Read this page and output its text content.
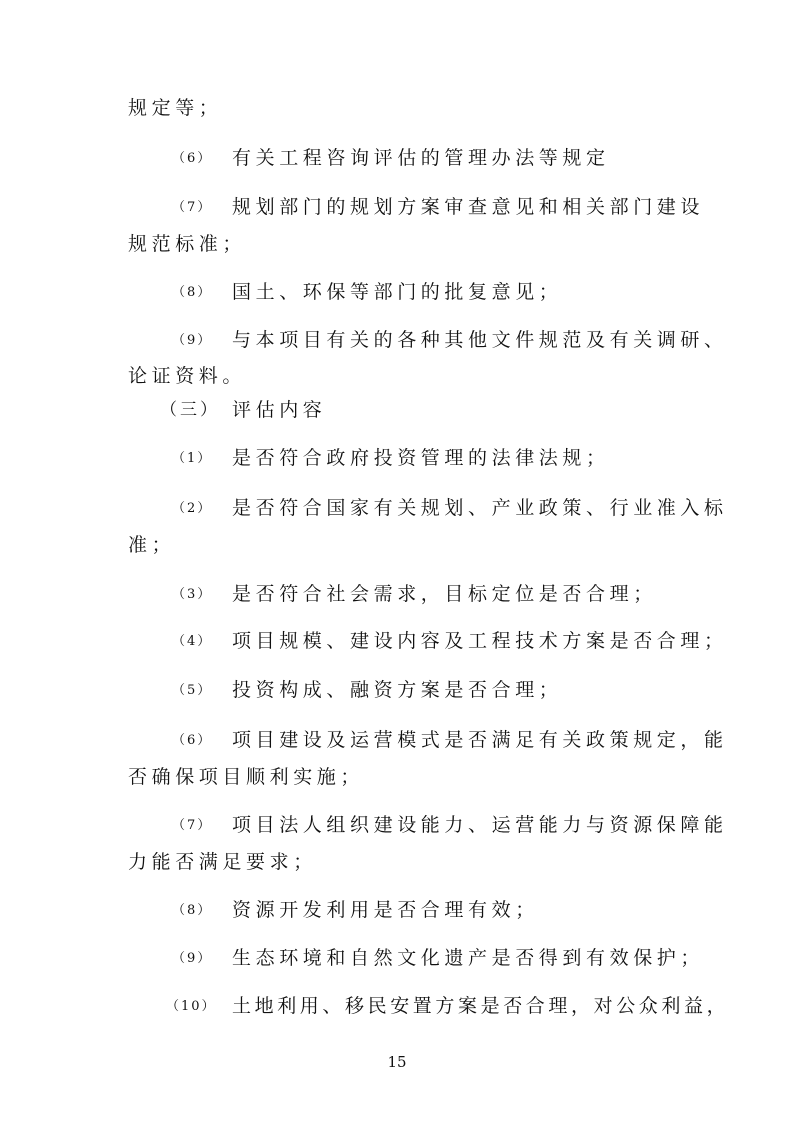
规定等；
（6） 有关工程咨询评估的管理办法等规定
（7） 规划部门的规划方案审查意见和相关部门建设
规范标准；
（8） 国土、环保等部门的批复意见；
（9） 与本项目有关的各种其他文件规范及有关调研、
论证资料。
（三） 评估内容
（1） 是否符合政府投资管理的法律法规；
（2） 是否符合国家有关规划、产业政策、行业准入标
准；
（3） 是否符合社会需求，目标定位是否合理；
（4） 项目规模、建设内容及工程技术方案是否合理；
（5） 投资构成、融资方案是否合理；
（6） 项目建设及运营模式是否满足有关政策规定，能
否确保项目顺利实施；
（7） 项目法人组织建设能力、运营能力与资源保障能
力能否满足要求；
（8） 资源开发利用是否合理有效；
（9） 生态环境和自然文化遗产是否得到有效保护；
（10） 土地利用、移民安置方案是否合理，对公众利益，
15
